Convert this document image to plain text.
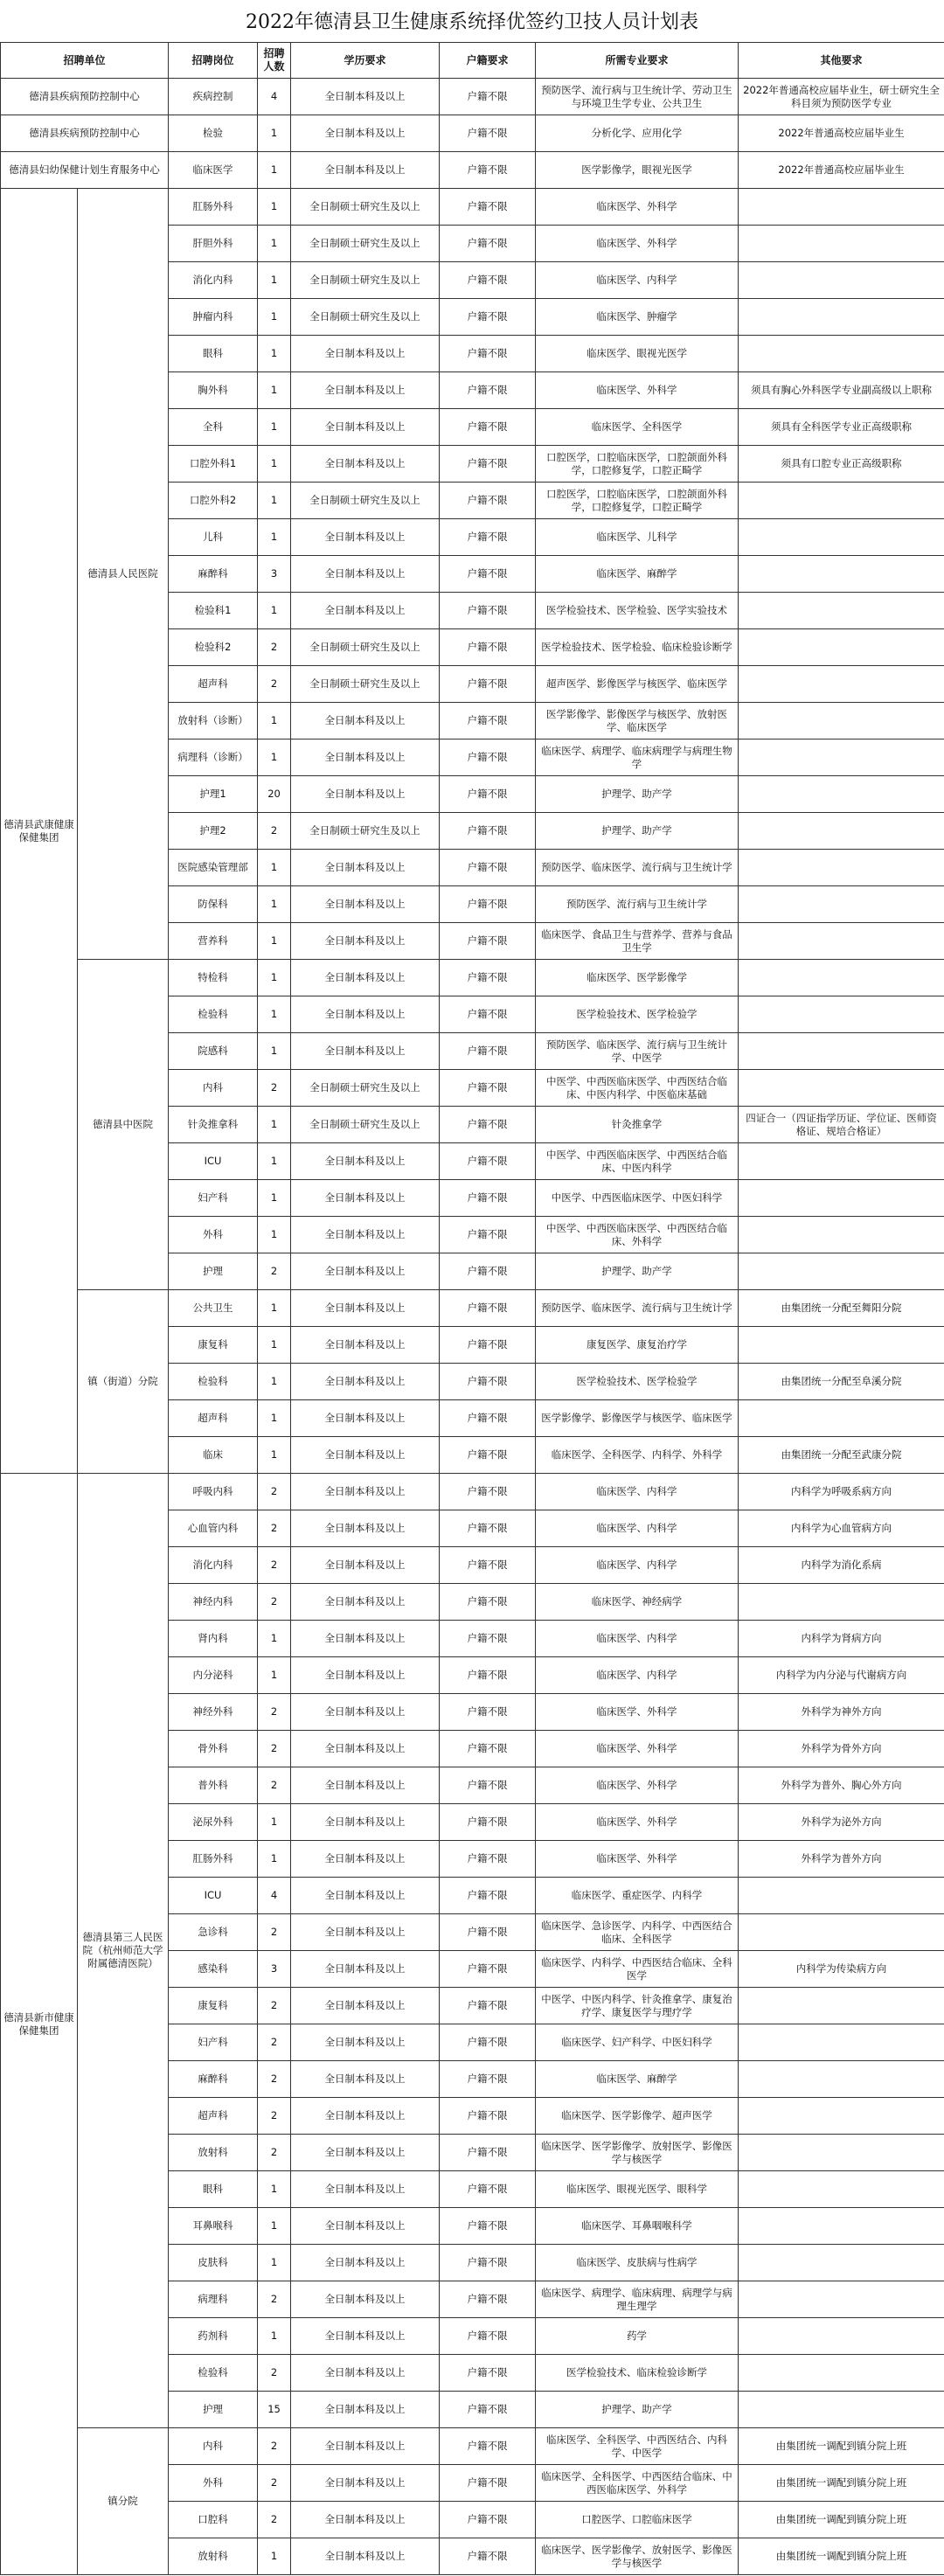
2022年德清县卫生健康系统择优签约卫技人员计划表
招聘单位		招聘岗位	招聘人数	学历要求	户籍要求	所需专业要求	其他要求
德清县疾病预防控制中心		疾病控制	4	全日制本科及以上	户籍不限	预防医学、流行病与卫生统计学、劳动卫生与环境卫生学专业、公共卫生	2022年普通高校应届毕业生，研士研究生全科目须为预防医学专业
德清县疾病预防控制中心		检验	1	全日制本科及以上	户籍不限	分析化学、应用化学	2022年普通高校应届毕业生
德清县妇幼保健计划生育服务中心		临床医学	1	全日制本科及以上	户籍不限	医学影像学，眼视光医学	2022年普通高校应届毕业生
德清县武康健康保健集团	德清县人民医院	肛肠外科	1	全日制硕士研究生及以上	户籍不限	临床医学、外科学	
		肝胆外科	1	全日制硕士研究生及以上	户籍不限	临床医学、外科学	
		消化内科	1	全日制硕士研究生及以上	户籍不限	临床医学、内科学	
		肿瘤内科	1	全日制硕士研究生及以上	户籍不限	临床医学、肿瘤学	
		眼科	1	全日制本科及以上	户籍不限	临床医学、眼视光医学	
		胸外科	1	全日制本科及以上	户籍不限	临床医学、外科学	须具有胸心外科医学专业副高级以上职称
		全科	1	全日制本科及以上	户籍不限	临床医学、全科医学	须具有全科医学专业正高级职称
		口腔外科1	1	全日制本科及以上	户籍不限	口腔医学，口腔临床医学，口腔颌面外科学，口腔修复学，口腔正畸学	须具有口腔专业正高级职称
		口腔外科2	1	全日制硕士研究生及以上	户籍不限	口腔医学，口腔临床医学，口腔颌面外科学，口腔修复学，口腔正畸学	
		儿科	1	全日制本科及以上	户籍不限	临床医学、儿科学	
		麻醉科	3	全日制本科及以上	户籍不限	临床医学、麻醉学	
		检验科1	1	全日制本科及以上	户籍不限	医学检验技术、医学检验、医学实验技术	
		检验科2	2	全日制硕士研究生及以上	户籍不限	医学检验技术、医学检验、临床检验诊断学	
		超声科	2	全日制硕士研究生及以上	户籍不限	超声医学、影像医学与核医学、临床医学	
		放射科（诊断）	1	全日制本科及以上	户籍不限	医学影像学、影像医学与核医学、放射医学、临床医学	
		病理科（诊断）	1	全日制本科及以上	户籍不限	临床医学、病理学、临床病理学与病理生物学	
		护理1	20	全日制本科及以上	户籍不限	护理学、助产学	
		护理2	2	全日制硕士研究生及以上	户籍不限	护理学、助产学	
		医院感染管理部	1	全日制本科及以上	户籍不限	预防医学、临床医学、流行病与卫生统计学	
		防保科	1	全日制本科及以上	户籍不限	预防医学、流行病与卫生统计学	
		营养科	1	全日制本科及以上	户籍不限	临床医学、食品卫生与营养学、营养与食品卫生学	
	德清县中医院	特检科	1	全日制本科及以上	户籍不限	临床医学、医学影像学	
		检验科	1	全日制本科及以上	户籍不限	医学检验技术、医学检验学	
		院感科	1	全日制本科及以上	户籍不限	预防医学、临床医学、流行病与卫生统计学、中医学	
		内科	2	全日制硕士研究生及以上	户籍不限	中医学、中西医临床医学、中西医结合临床、中医内科学、中医临床基础	
		针灸推拿科	1	全日制硕士研究生及以上	户籍不限	针灸推拿学	四证合一（四证指学历证、学位证、医师资格证、规培合格证）
		ICU	1	全日制本科及以上	户籍不限	中医学、中西医临床医学、中西医结合临床、中医内科学	
		妇产科	1	全日制本科及以上	户籍不限	中医学、中西医临床医学、中医妇科学	
		外科	1	全日制本科及以上	户籍不限	中医学、中西医临床医学、中西医结合临床、外科学	
		护理	2	全日制本科及以上	户籍不限	护理学、助产学	
	镇（街道）分院	公共卫生	1	全日制本科及以上	户籍不限	预防医学、临床医学、流行病与卫生统计学	由集团统一分配至舞阳分院
		康复科	1	全日制本科及以上	户籍不限	康复医学、康复治疗学	
		检验科	1	全日制本科及以上	户籍不限	医学检验技术、医学检验学	由集团统一分配至阜溪分院
		超声科	1	全日制本科及以上	户籍不限	医学影像学、影像医学与核医学、临床医学	
		临床	1	全日制本科及以上	户籍不限	临床医学、全科医学、内科学、外科学	由集团统一分配至武康分院
德清县新市健康保健集团	德清县第三人民医院（杭州师范大学附属德清医院）	呼吸内科	2	全日制本科及以上	户籍不限	临床医学、内科学	内科学为呼吸系病方向
		心血管内科	2	全日制本科及以上	户籍不限	临床医学、内科学	内科学为心血管病方向
		消化内科	2	全日制本科及以上	户籍不限	临床医学、内科学	内科学为消化系病
		神经内科	2	全日制本科及以上	户籍不限	临床医学、神经病学	
		肾内科	1	全日制本科及以上	户籍不限	临床医学、内科学	内科学为肾病方向
		内分泌科	1	全日制本科及以上	户籍不限	临床医学、内科学	内科学为内分泌与代谢病方向
		神经外科	2	全日制本科及以上	户籍不限	临床医学、外科学	外科学为神外方向
		骨外科	2	全日制本科及以上	户籍不限	临床医学、外科学	外科学为骨外方向
		普外科	2	全日制本科及以上	户籍不限	临床医学、外科学	外科学为普外、胸心外方向
		泌尿外科	1	全日制本科及以上	户籍不限	临床医学、外科学	外科学为泌外方向
		肛肠外科	1	全日制本科及以上	户籍不限	临床医学、外科学	外科学为普外方向
		ICU	4	全日制本科及以上	户籍不限	临床医学、重症医学、内科学	
		急诊科	2	全日制本科及以上	户籍不限	临床医学、急诊医学、内科学、中西医结合临床、全科医学	
		感染科	3	全日制本科及以上	户籍不限	临床医学、内科学、中西医结合临床、全科医学	内科学为传染病方向
		康复科	2	全日制本科及以上	户籍不限	中医学、中医内科学、针灸推拿学、康复治疗学、康复医学与理疗学	
		妇产科	2	全日制本科及以上	户籍不限	临床医学、妇产科学、中医妇科学	
		麻醉科	2	全日制本科及以上	户籍不限	临床医学、麻醉学	
		超声科	2	全日制本科及以上	户籍不限	临床医学、医学影像学、超声医学	
		放射科	2	全日制本科及以上	户籍不限	临床医学、医学影像学、放射医学、影像医学与核医学	
		眼科	1	全日制本科及以上	户籍不限	临床医学、眼视光医学、眼科学	
		耳鼻喉科	1	全日制本科及以上	户籍不限	临床医学、耳鼻咽喉科学	
		皮肤科	1	全日制本科及以上	户籍不限	临床医学、皮肤病与性病学	
		病理科	2	全日制本科及以上	户籍不限	临床医学、病理学、临床病理、病理学与病理生理学	
		药剂科	1	全日制本科及以上	户籍不限	药学	
		检验科	2	全日制本科及以上	户籍不限	医学检验技术、临床检验诊断学	
		护理	15	全日制本科及以上	户籍不限	护理学、助产学	
	镇分院	内科	2	全日制本科及以上	户籍不限	临床医学、全科医学、中西医结合、内科学、中医学	由集团统一调配到镇分院上班
		外科	2	全日制本科及以上	户籍不限	临床医学、全科医学、中西医结合临床、中西医临床医学、外科学	由集团统一调配到镇分院上班
		口腔科	2	全日制本科及以上	户籍不限	口腔医学、口腔临床医学	由集团统一调配到镇分院上班
		放射科	1	全日制本科及以上	户籍不限	临床医学、医学影像学、放射医学、影像医学与核医学	由集团统一调配到镇分院上班
